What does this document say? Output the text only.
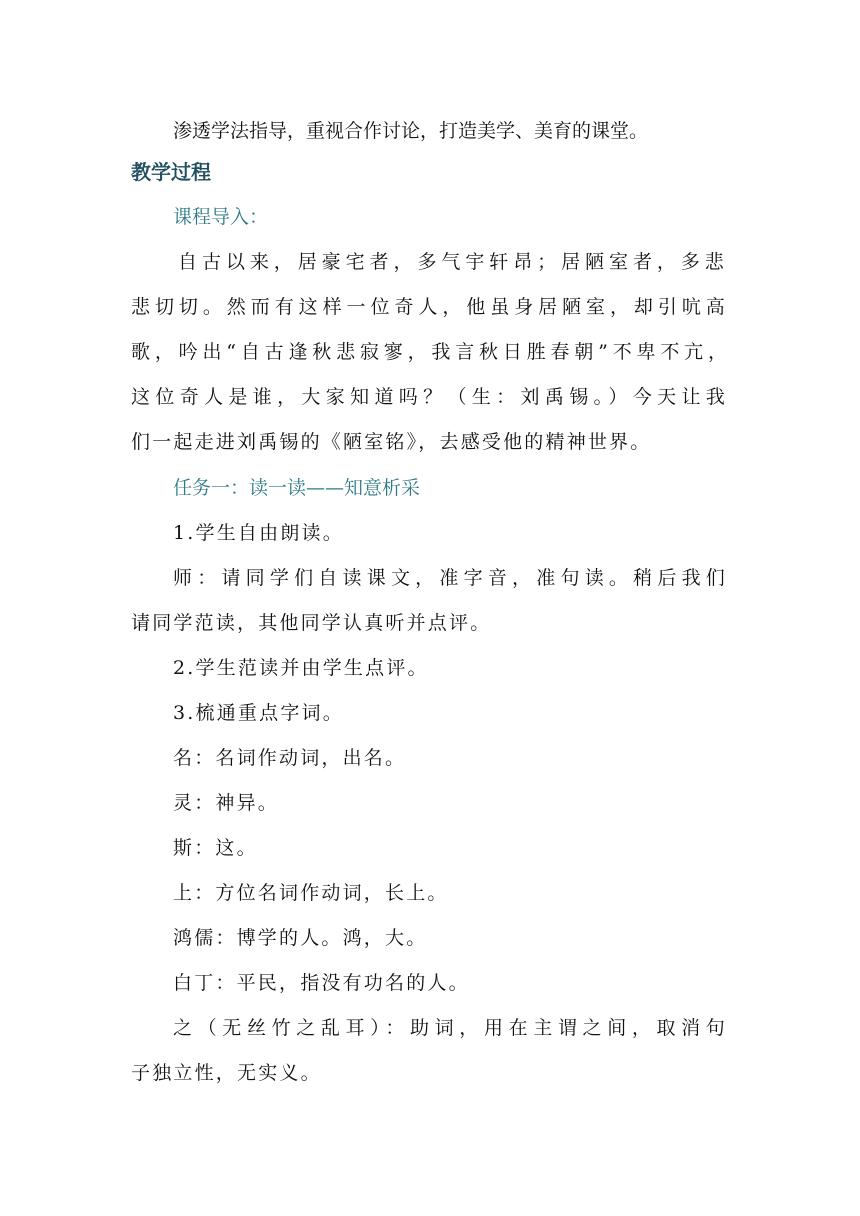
渗透学法指导，重视合作讨论，打造美学、美育的课堂。
教学过程
课程导入：
自古以来，居豪宅者，多气宇轩昂；居陋室者，多悲
悲切切。然而有这样一位奇人，他虽身居陋室，却引吭高
歌，吟出“自古逢秋悲寂寥，我言秋日胜春朝”不卑不亢，
这位奇人是谁，大家知道吗？（生：刘禹锡。）今天让我
们一起走进刘禹锡的《陋室铭》，去感受他的精神世界。
任务一：读一读——知意析采
1.学生自由朗读。
师：请同学们自读课文，准字音，准句读。稍后我们
请同学范读，其他同学认真听并点评。
2.学生范读并由学生点评。
3.梳通重点字词。
名：名词作动词，出名。
灵：神异。
斯：这。
上：方位名词作动词，长上。
鸿儒：博学的人。鸿，大。
白丁：平民，指没有功名的人。
之（无丝竹之乱耳）：助词，用在主谓之间，取消句
子独立性，无实义。
